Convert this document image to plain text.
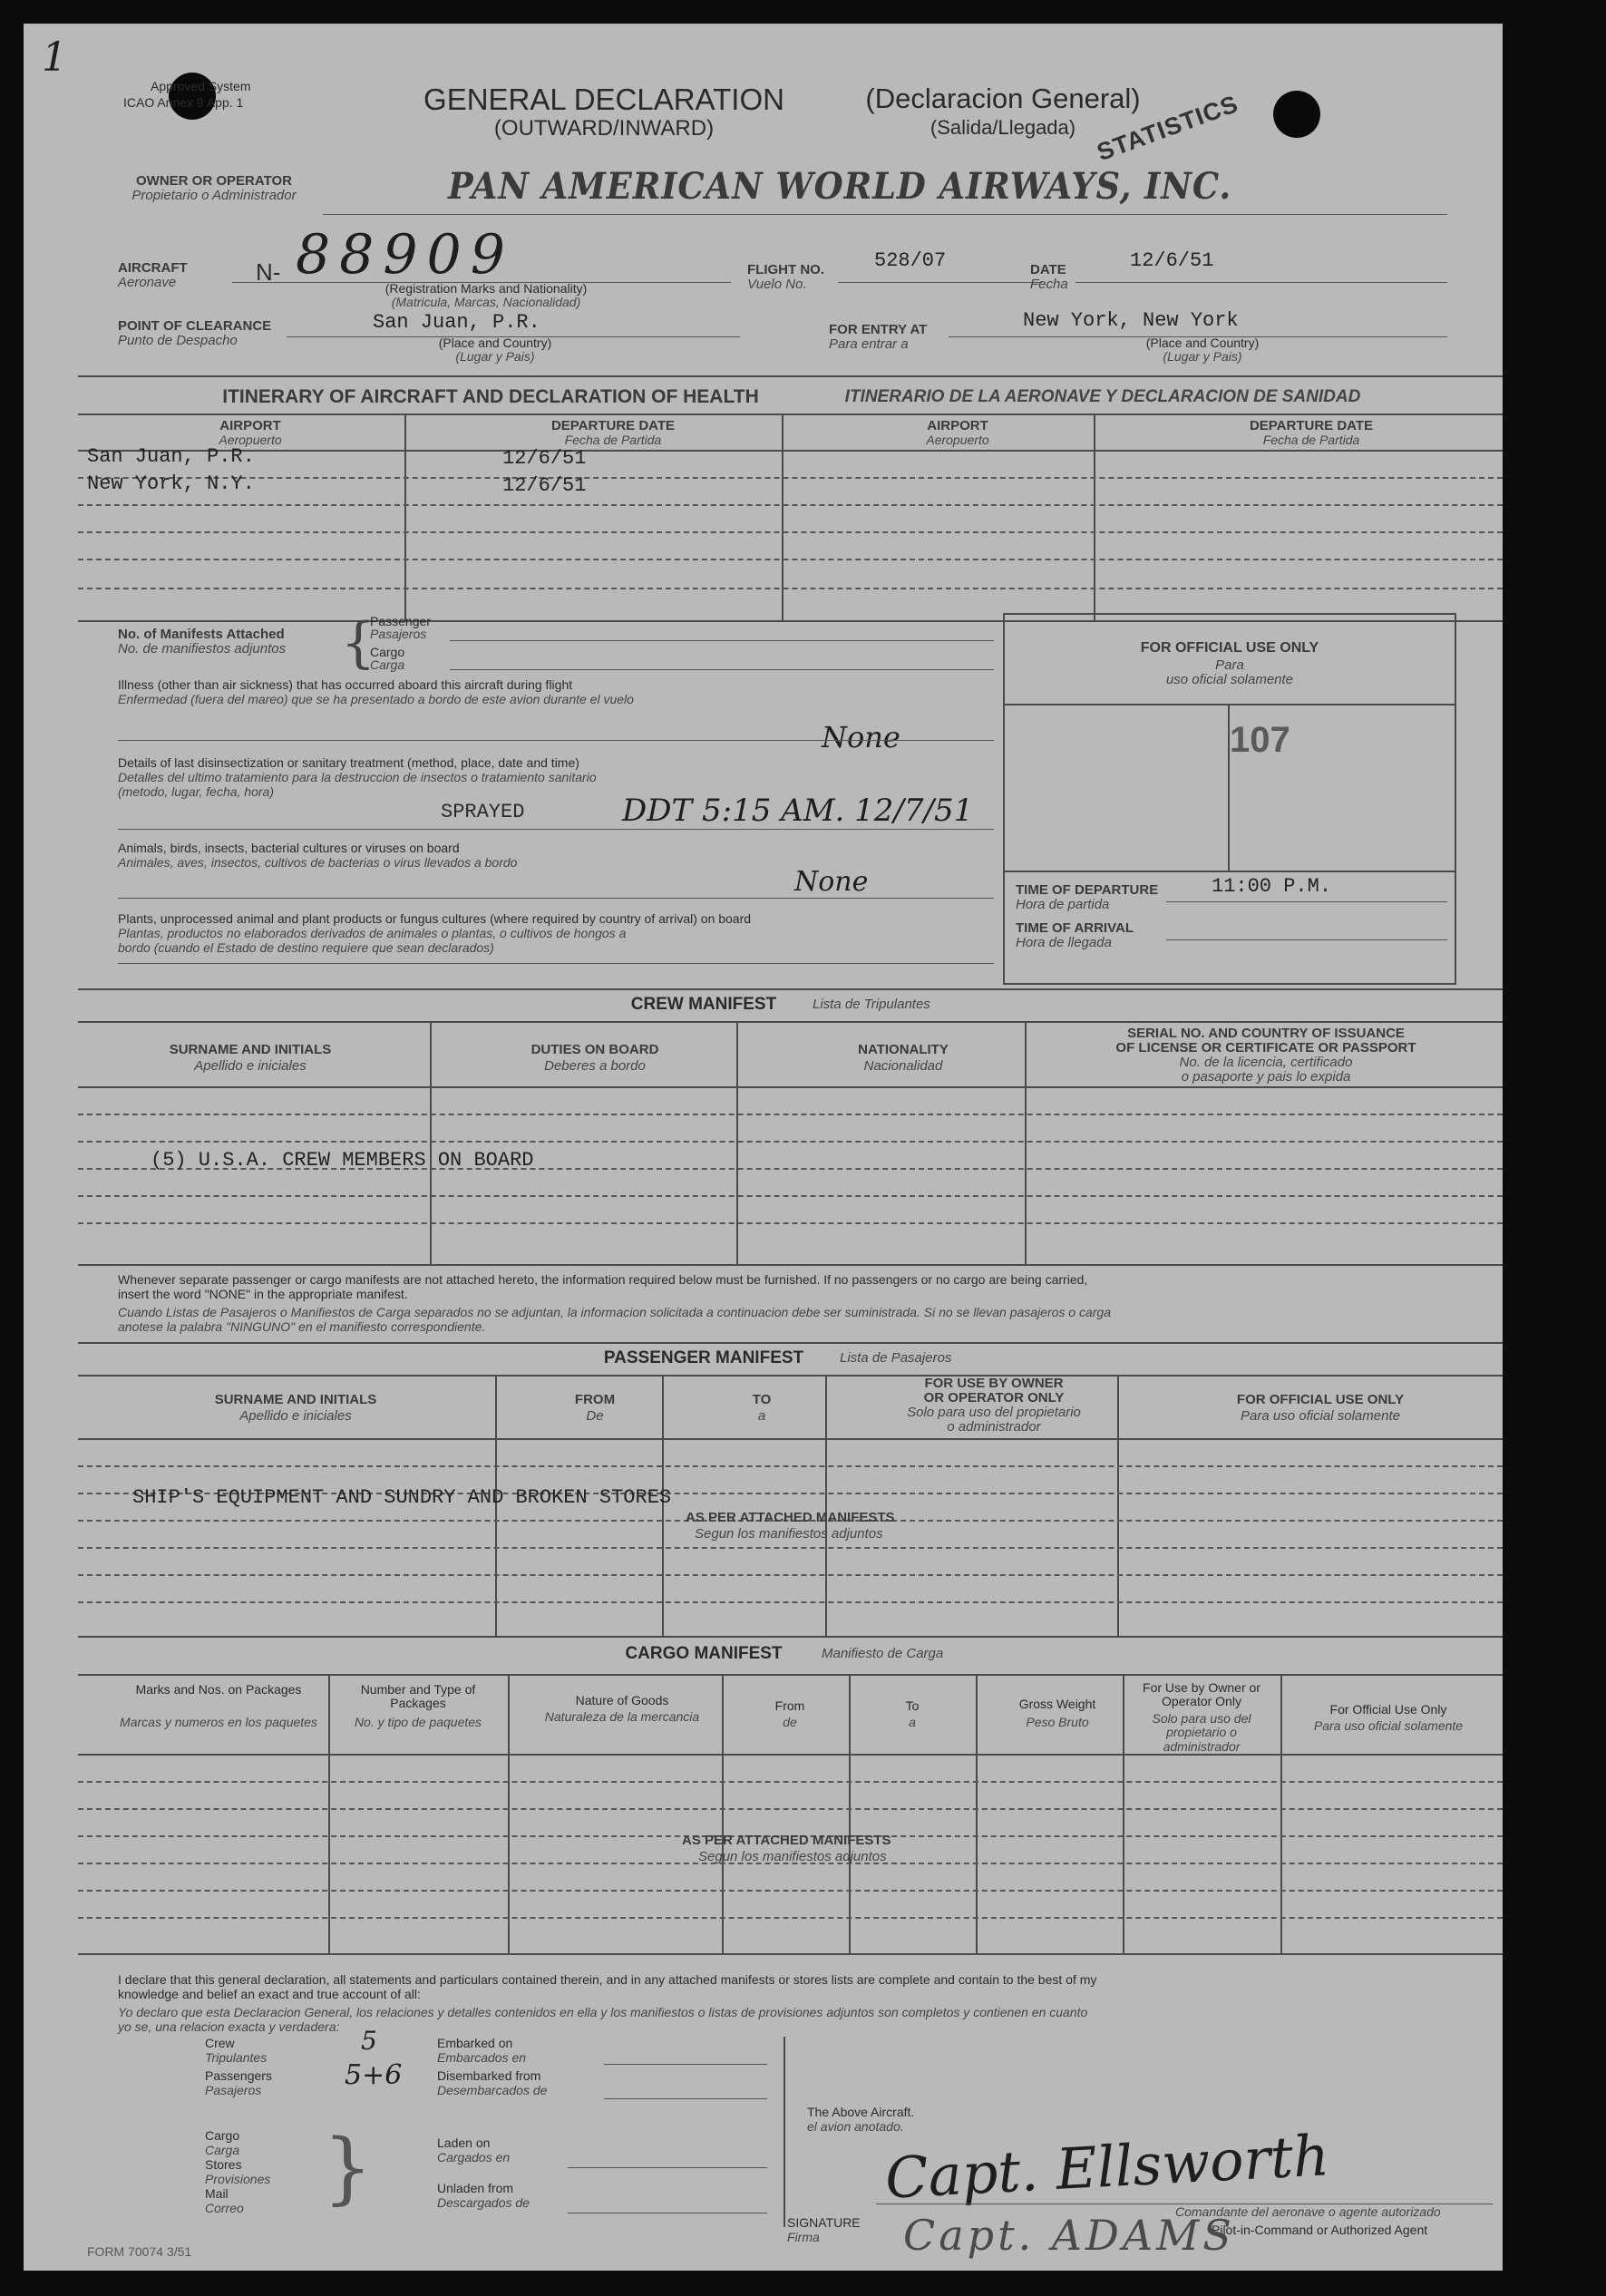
1
Approved System
ICAO Annex 9 App. 1	GENERAL DECLARATION
(OUTWARD/INWARD)
(Declaracion General)
(Salida/Llegada) STATISTICS
OWNER OR OPERATOR
Propietario o Administrador	PAN AMERICAN WORLD AIRWAYS, INC.
AIRCRAFT
Aeronave	N- 88909
(Registration Marks and Nationality)
(Matricula, Marcas, Nacionalidad)
FLIGHT NO.
Vuelo No.
528/07	DATE
Fecha
12/6/51
POINT OF CLEARANCE
Punto de Despacho
San Juan, P.R.
(Place and Country)
(Lugar y Pais)
FOR ENTRY AT
Para entrar a
New York, New York
(Place and Country)
(Lugar y Pais)
ITINERARY OF AIRCRAFT AND DECLARATION OF HEALTH	ITINERARIO DE LA AERONAVE Y DECLARACION DE SANIDAD
AIRPORT
Aeropuerto
DEPARTURE DATE
Fecha de Partida
AIRPORT
Aeropuerto
DEPARTURE DATE
Fecha de Partida
San Juan, P.R.	12/6/51
New York, N.Y.	12/6/51
No. of Manifests Attached
No. de manifiestos adjuntos {
Passenger
Pasajeros
Cargo
Carga
Illness (other than air sickness) that has occurred aboard this aircraft during flight
Enfermedad (fuera del mareo) que se ha presentado a bordo de este avion durante el vuelo
None
Details of last disinsectization or sanitary treatment (method, place, date and time)
Detalles del ultimo tratamiento para la destruccion de insectos o tratamiento sanitario
(metodo, lugar, fecha, hora)
SPRAYED	DDT 5:15 AM. 12/7/51
Animals, birds, insects, bacterial cultures or viruses on board
Animales, aves, insectos, cultivos de bacterias o virus llevados a bordo
None
Plants, unprocessed animal and plant products or fungus cultures (where required by country of arrival) on board
Plantas, productos no elaborados derivados de animales o plantas, o cultivos de hongos a
bordo (cuando el Estado de destino requiere que sean declarados)
FOR OFFICIAL USE ONLY
Para
uso oficial solamente
107
TIME OF DEPARTURE
Hora de partida
11:00 P.M.
TIME OF ARRIVAL
Hora de llegada
CREW MANIFEST	Lista de Tripulantes
SURNAME AND INITIALS
Apellido e iniciales
DUTIES ON BOARD
Deberes a bordo
NATIONALITY
Nacionalidad
SERIAL NO. AND COUNTRY OF ISSUANCE
OF LICENSE OR CERTIFICATE OR PASSPORT
No. de la licencia, certificado
o pasaporte y pais lo expida
(5) U.S.A. CREW MEMBERS ON BOARD
Whenever separate passenger or cargo manifests are not attached hereto, the information required below must be furnished. If no passengers or no cargo are being carried,
insert the word "NONE" in the appropriate manifest.
Cuando Listas de Pasajeros o Manifiestos de Carga separados no se adjuntan, la informacion solicitada a continuacion debe ser suministrada. Si no se llevan pasajeros o carga
anotese la palabra "NINGUNO" en el manifiesto correspondiente.
PASSENGER MANIFEST	Lista de Pasajeros
SURNAME AND INITIALS
Apellido e iniciales
FROM
De
TO
a
FOR USE BY OWNER
OR OPERATOR ONLY
Solo para uso del propietario
o administrador
FOR OFFICIAL USE ONLY
Para uso oficial solamente
SHIP'S EQUIPMENT AND SUNDRY AND BROKEN STORES
AS PER ATTACHED MANIFESTS
Segun los manifiestos adjuntos
CARGO MANIFEST	Manifiesto de Carga
Marks and Nos. on Packages
Marcas y numeros en los paquetes
Number and Type of Packages
No. y tipo de paquetes
Nature of Goods
Naturaleza de la mercancia
From
de
To
a
Gross Weight
Peso Bruto
For Use by Owner or Operator Only
Solo para uso del propietario o administrador
For Official Use Only
Para uso oficial solamente
AS PER ATTACHED MANIFESTS
Segun los manifiestos adjuntos
I declare that this general declaration, all statements and particulars contained therein, and in any attached manifests or stores lists are complete and contain to the best of my
knowledge and belief an exact and true account of all:
Yo declaro que esta Declaracion General, los relaciones y detalles contenidos en ella y los manifiestos o listas de provisiones adjuntos son completos y contienen en cuanto
yo se, una relacion exacta y verdadera:
Crew
Tripulantes
Passengers
Pasajeros
5
5+6
Embarked on
Embarcados en
Disembarked from
Desembarcados de
Cargo
Carga
Stores
Provisiones
Mail
Correo }	Laden on
Cargados en
Unladen from
Descargados de
The Above Aircraft.
el avion anotado.
Capt. Ellsworth
Comandante del aeronave o agente autorizado
SIGNATURE
Firma	Pilot-in-Command or Authorized Agent
Capt. ADAMS
FORM 70074 3/51
